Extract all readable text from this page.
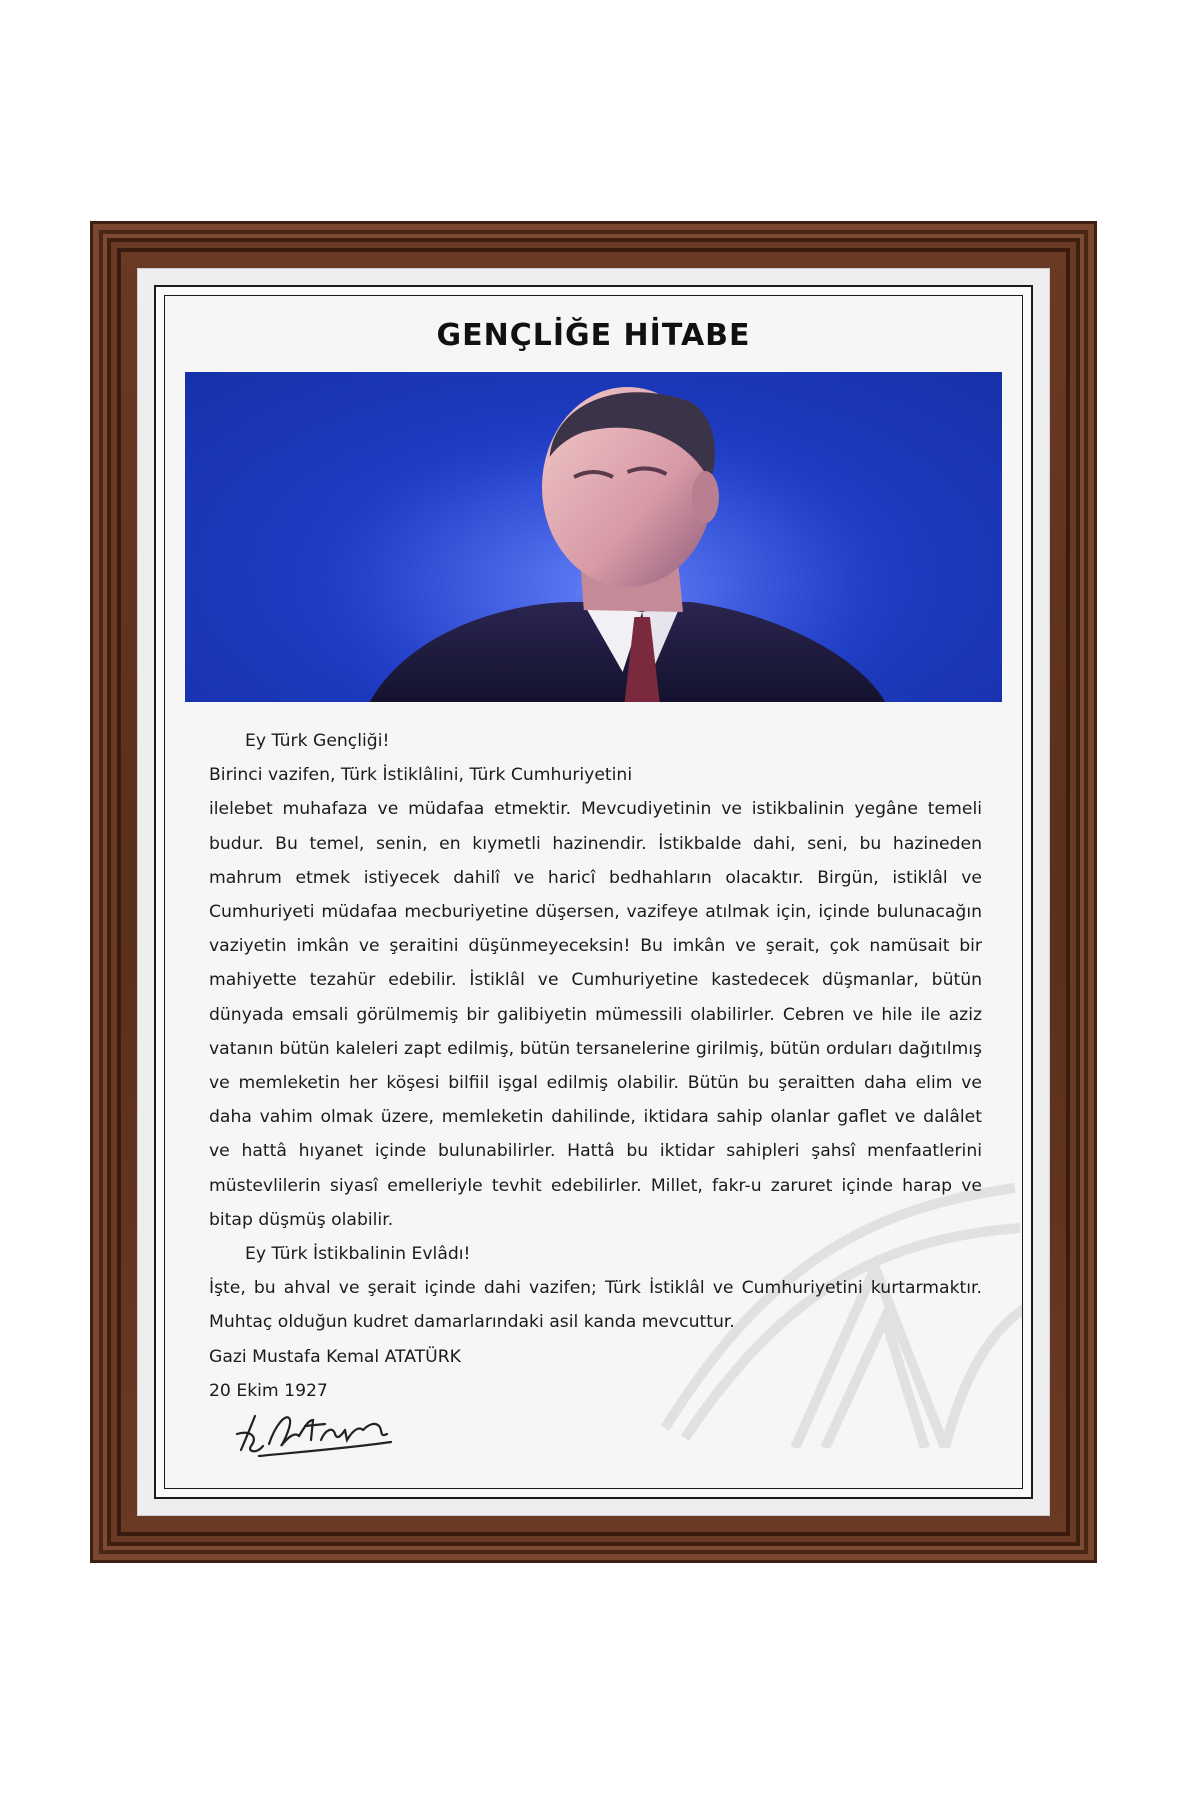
GENÇLİĞE HİTABE

Ey Türk Gençliği!

Birinci vazifen, Türk İstiklâlini, Türk Cumhuriyetini

ilelebet muhafaza ve müdafaa etmektir. Mevcudiyetinin ve istikbalinin yegâne temeli budur. Bu temel, senin, en kıymetli hazinendir. İstikbalde dahi, seni, bu hazineden mahrum etmek istiyecek dahilî ve haricî bedhahların olacaktır. Birgün, istiklâl ve Cumhuriyeti müdafaa mecburiyetine düşersen, vazifeye atılmak için, içinde bulunacağın vaziyetin imkân ve şeraitini düşünmeyeceksin! Bu imkân ve şerait, çok namüsait bir mahiyette tezahür edebilir. İstiklâl ve Cumhuriyetine kastedecek düşmanlar, bütün dünyada emsali görülmemiş bir galibiyetin mümessili olabilirler. Cebren ve hile ile aziz vatanın bütün kaleleri zapt edilmiş, bütün tersanelerine girilmiş, bütün orduları dağıtılmış ve memleketin her köşesi bilfiil işgal edilmiş olabilir. Bütün bu şeraitten daha elim ve daha vahim olmak üzere, memleketin dahilinde, iktidara sahip olanlar gaflet ve dalâlet ve hattâ hıyanet içinde bulunabilirler. Hattâ bu iktidar sahipleri şahsî menfaatlerini müstevlilerin siyasî emelleriyle tevhit edebilirler. Millet, fakr-u zaruret içinde harap ve bitap düşmüş olabilir.

Ey Türk İstikbalinin Evlâdı!

İşte, bu ahval ve şerait içinde dahi vazifen; Türk İstiklâl ve Cumhuriyetini kurtarmaktır. Muhtaç olduğun kudret damarlarındaki asil kanda mevcuttur.

Gazi Mustafa Kemal ATATÜRK

20 Ekim 1927
